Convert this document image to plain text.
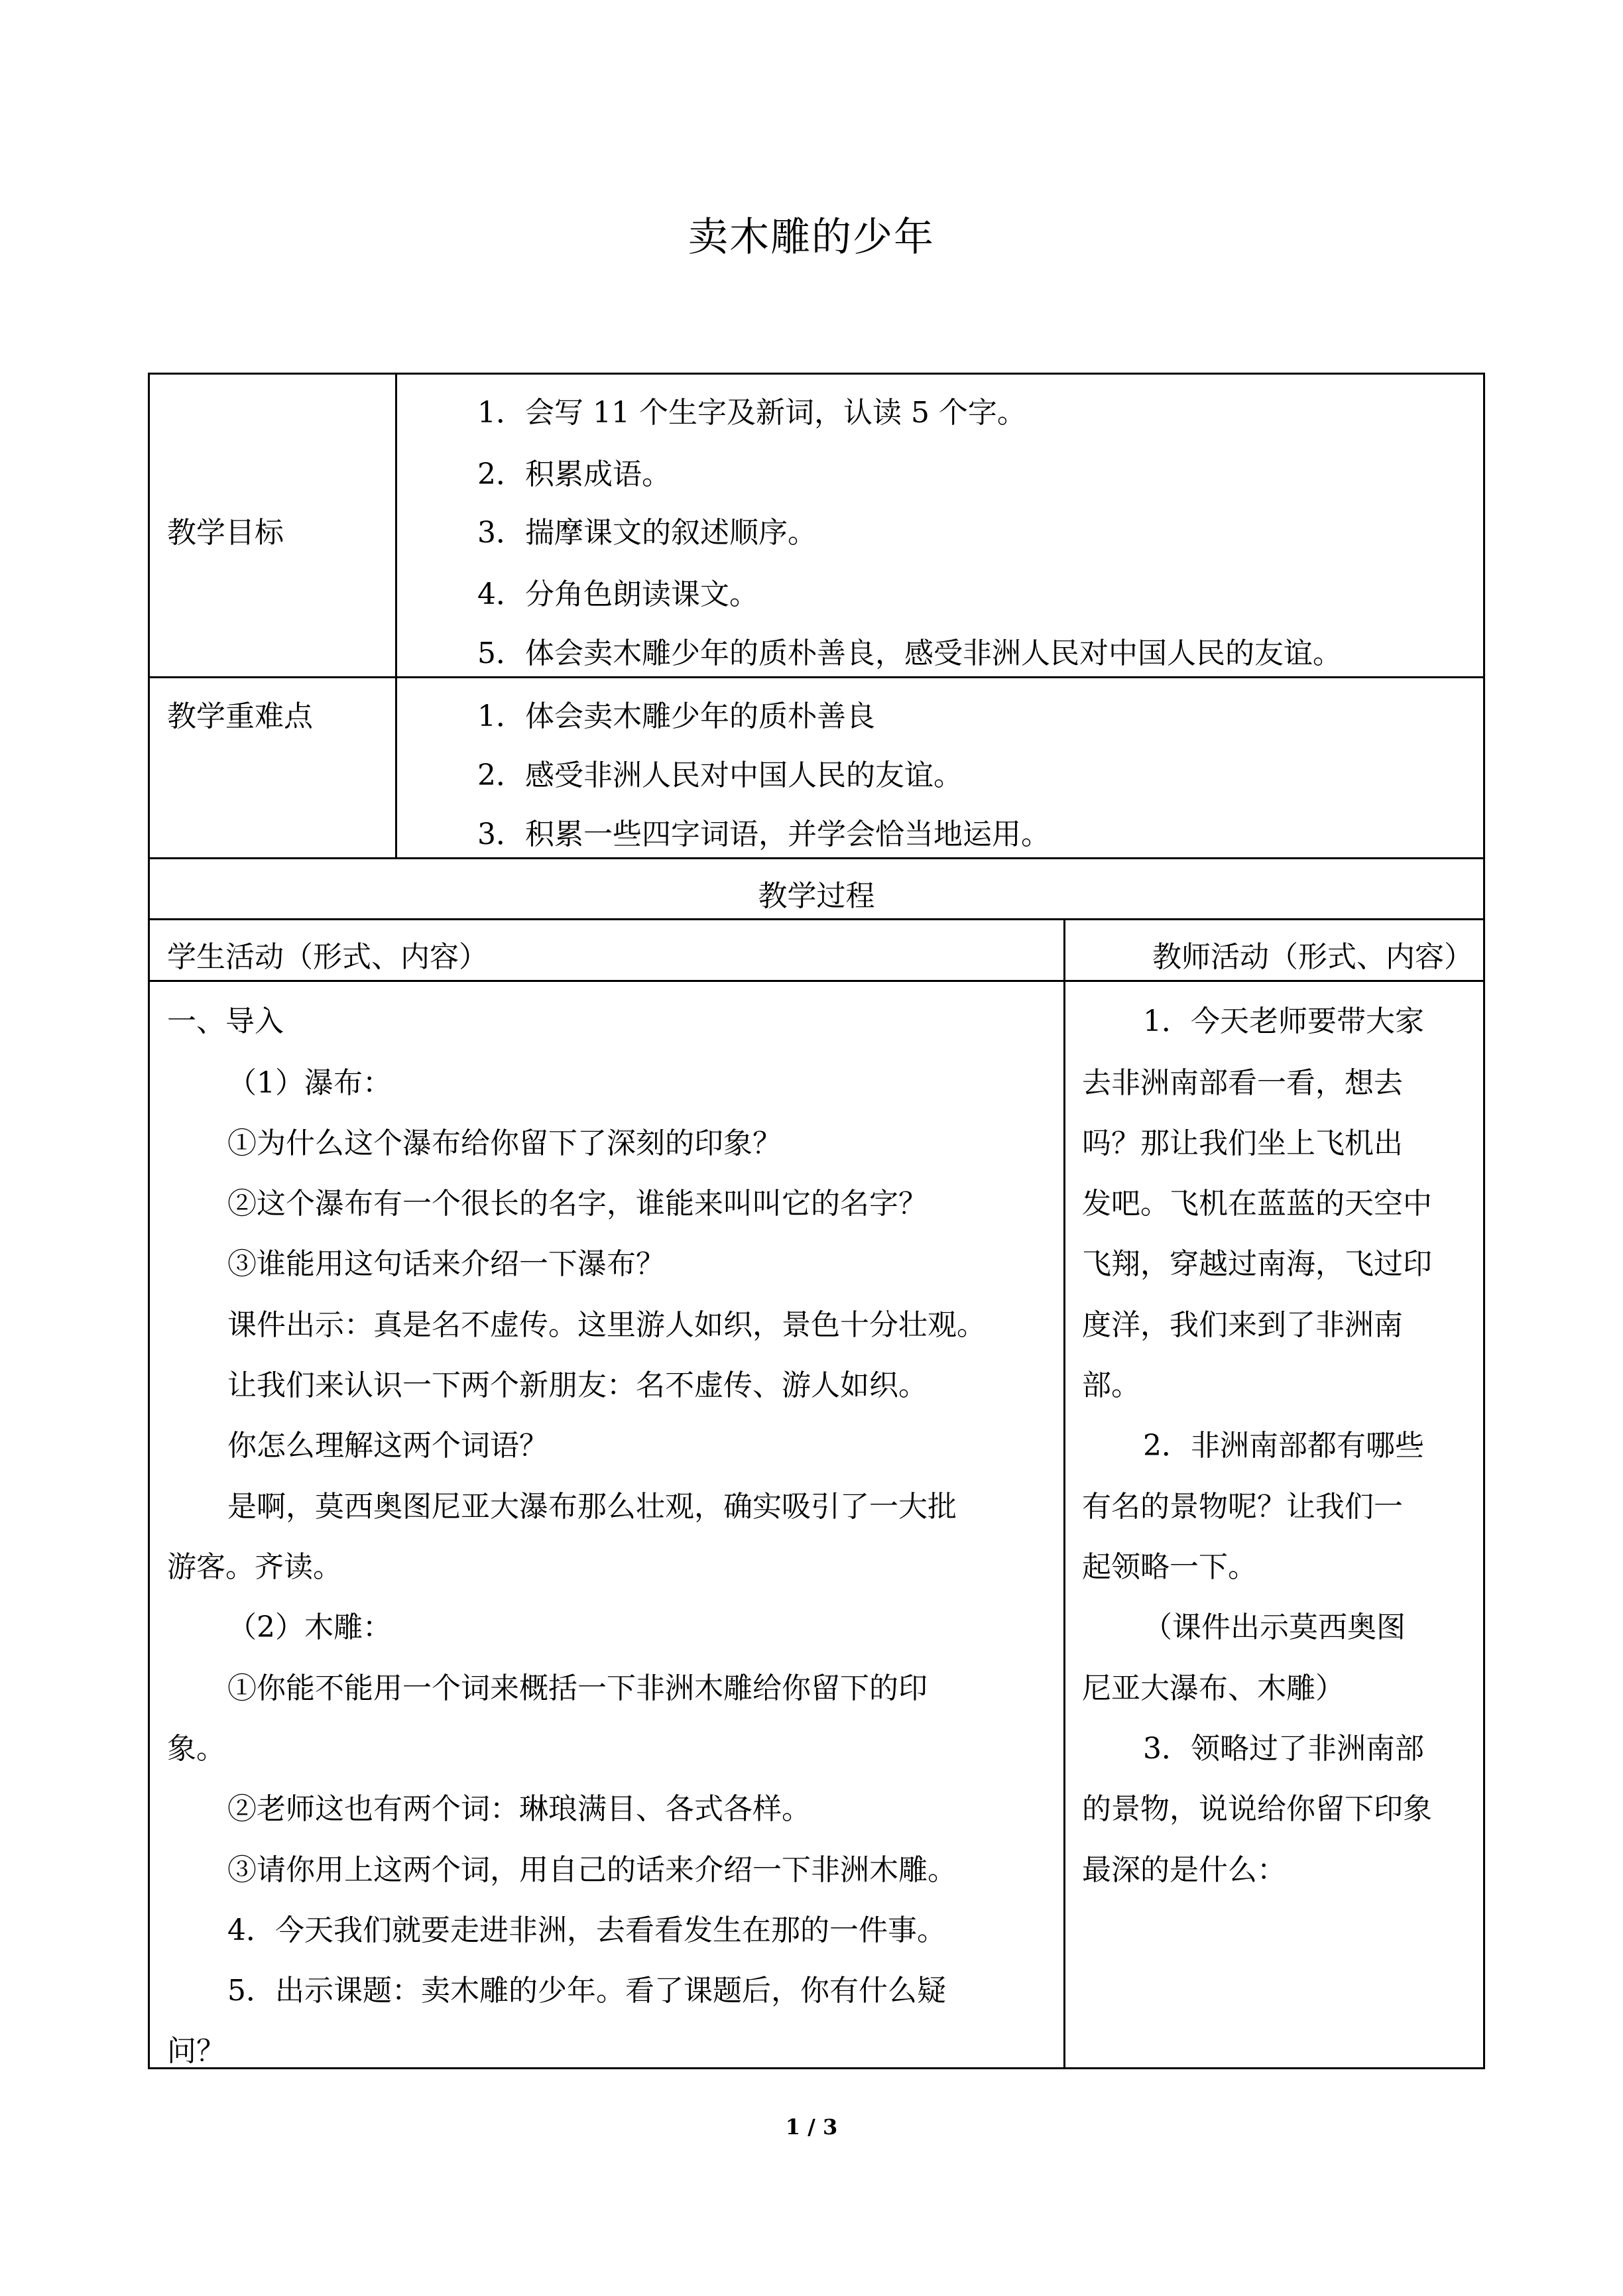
卖木雕的少年
教学目标
1．会写 11 个生字及新词，认读 5 个字。
2．积累成语。
3．揣摩课文的叙述顺序。
4．分角色朗读课文。
5．体会卖木雕少年的质朴善良，感受非洲人民对中国人民的友谊。
教学重难点	1．体会卖木雕少年的质朴善良
2．感受非洲人民对中国人民的友谊。
3．积累一些四字词语，并学会恰当地运用。
教学过程
学生活动（形式、内容）	教师活动（形式、内容）
一、导入
（1）瀑布：
①为什么这个瀑布给你留下了深刻的印象？
②这个瀑布有一个很长的名字，谁能来叫叫它的名字？
③谁能用这句话来介绍一下瀑布？
课件出示：真是名不虚传。这里游人如织，景色十分壮观。
让我们来认识一下两个新朋友：名不虚传、游人如织。
你怎么理解这两个词语？
是啊，莫西奥图尼亚大瀑布那么壮观，确实吸引了一大批
游客。齐读。
（2）木雕：
①你能不能用一个词来概括一下非洲木雕给你留下的印
象。
②老师这也有两个词：琳琅满目、各式各样。
③请你用上这两个词，用自己的话来介绍一下非洲木雕。
4．今天我们就要走进非洲，去看看发生在那的一件事。
5．出示课题：卖木雕的少年。看了课题后，你有什么疑
问？
1．今天老师要带大家
去非洲南部看一看，想去
吗？那让我们坐上飞机出
发吧。飞机在蓝蓝的天空中
飞翔，穿越过南海，飞过印
度洋，我们来到了非洲南
部。
2．非洲南部都有哪些
有名的景物呢？让我们一
起领略一下。
（课件出示莫西奥图
尼亚大瀑布、木雕）
3．领略过了非洲南部
的景物，说说给你留下印象
最深的是什么：
1 / 3
